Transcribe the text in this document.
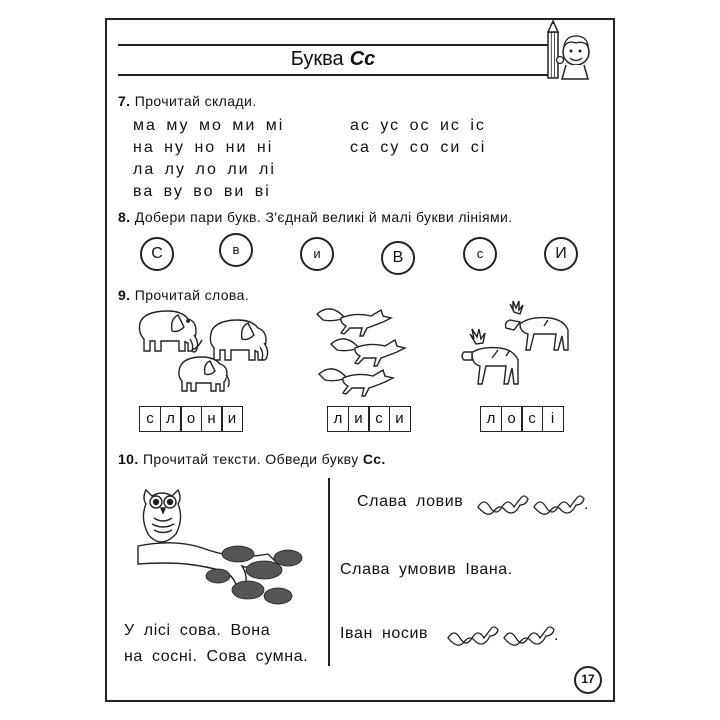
Буква Сс
7. Прочитай склади.
ма му мо ми мі
на ну но ни ні
ла лу ло ли лі
ва ву во ви ві
ас ус ос ис іс
са су со си сі
8. Добери пари букв. З'єднай великі й малі букви лініями.
С	в	и	В	с	И
9. Прочитай слова.
с л о н и	л и с и	л о с	і
10. Прочитай тексти. Обведи букву Сс.
У лісі сова. Вона
на сосні. Сова сумна.
Слава ловив	.
Слава умовив Івана.
Іван носив	.
17
